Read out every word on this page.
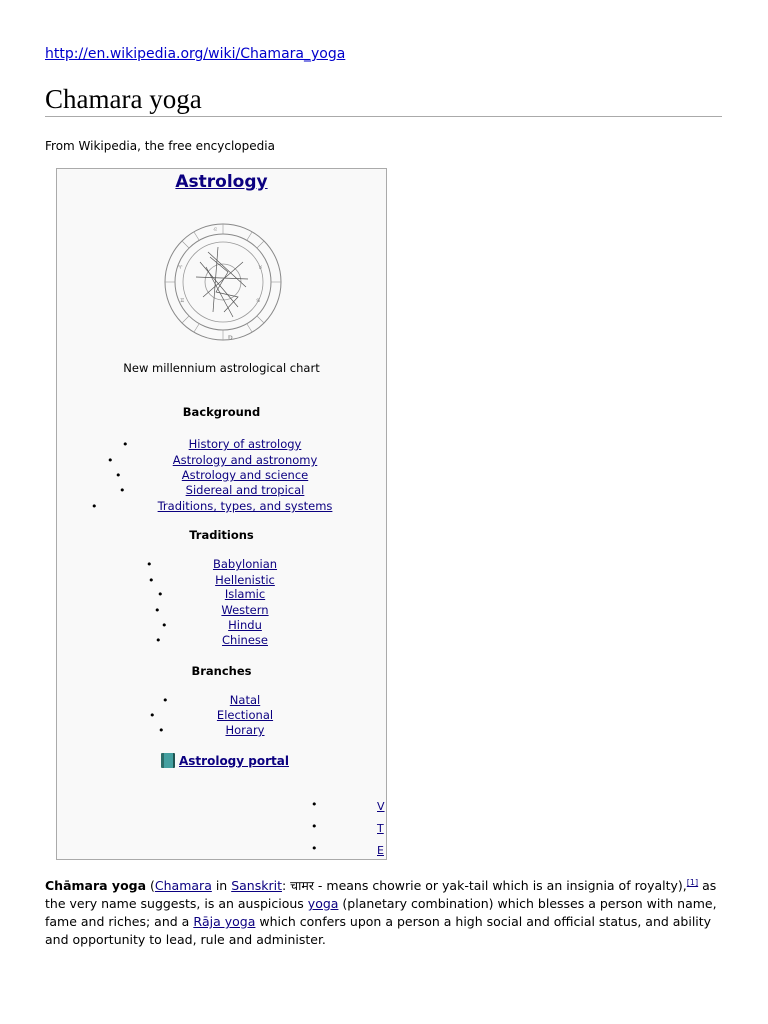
http://en.wikipedia.org/wiki/Chamara_yoga
Chamara yoga
From Wikipedia, the free encyclopedia
Astrology
♈	♉
♊	♋
♌
♍
New millennium astrological chart
Background
•	History of astrology
•	Astrology and astronomy
•	Astrology and science
•	Sidereal and tropical
•	Traditions, types, and systems
Traditions
•	Babylonian
•	Hellenistic
•	Islamic
•	Western
•	Hindu
•	Chinese
Branches
•	Natal
•	Electional
•	Horary
Astrology portal
•	V
•	T
•	E
Chāmara yoga (Chamara in Sanskrit: चामर - means chowrie or yak-tail which is an insignia of royalty),[1] as the very name suggests, is an auspicious yoga (planetary combination) which blesses a person with name, fame and riches; and a Rāja yoga which confers upon a person a high social and official status, and ability and opportunity to lead, rule and administer.
